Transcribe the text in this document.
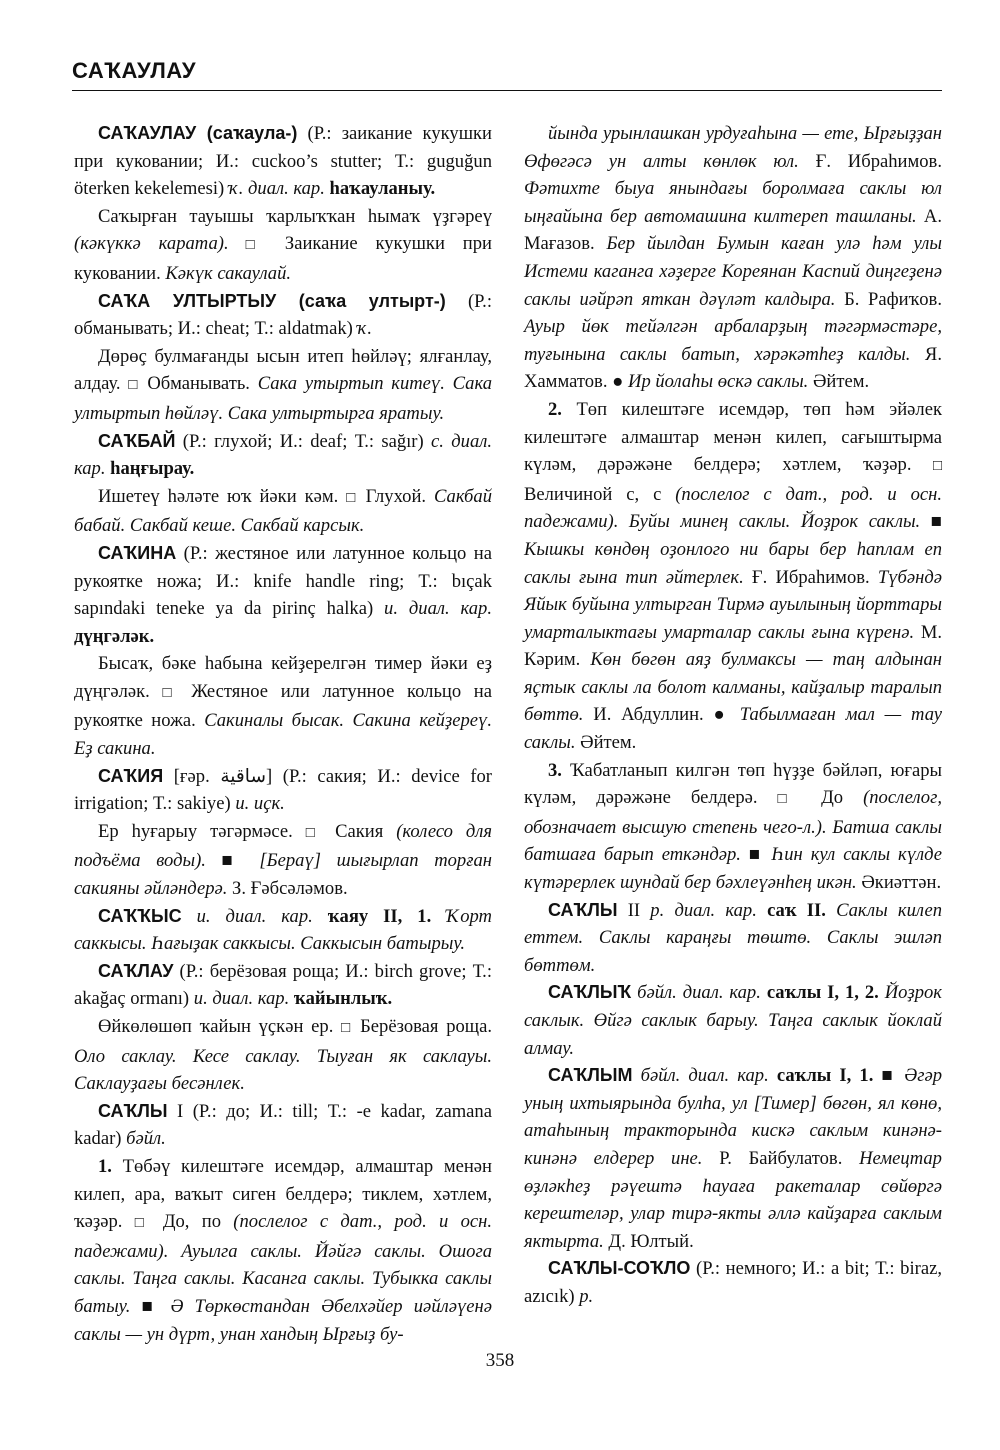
САҠАУЛАУ

САҠАУЛАУ (саҡаула-) (Р.: заикание кукушки при куковании; И.: cuckoo’s stutter; Т.: guguğun öterken kekelemesi) ҡ. диал. кар. һаҡауланыу.

Саҡырған тауышы ҡарлыҡҡан һымаҡ үҙгәреү (кәкүккә карата). □ Заикание кукушки при куковании. Кәкүк сакаулай.

САҠА УЛТЫРТЫУ (саҡа ултырт-) (Р.: обманывать; И.: cheat; Т.: aldatmak) ҡ.

Дөрөҫ булмағанды ысын итеп һөйләү; ялғанлау, алдау. □ Обманывать. Сака утыртып китеү. Сака ултыртып һөйләү. Сака ултыртырга яратыу.

САҠБАЙ (Р.: глухой; И.: deaf; Т.: sağır) с. диал. кар. һаңғырау.

Ишетеү һәләте юҡ йәки кәм. □ Глухой. Сакбай бабай. Сакбай кеше. Сакбай карсык.

САҠИНА (Р.: жестяное или латунное кольцо на рукоятке ножа; И.: knife handle ring; Т.: bıçak sapındaki teneke ya da pirinç halka) и. диал. кар. дүңгәләк.

Бысаҡ, бәке һабына кейҙерелгән тимер йәки еҙ дүңгәләк. □ Жестяное или латунное кольцо на рукоятке ножа. Сакиналы бысак. Сакина кейҙереү. Еҙ сакина.

САҠИЯ [ғәр. ساقية] (Р.: сакия; И.: device for irrigation; Т.: sakiye) и. иҫк.

Ер һуғарыу тәгәрмәсе. □ Сакия (колесо для подъёма воды). ■ [Бераү] шығырлап торған сакияны әйләндерә. З. Ғәбсәләмов.

САҠҠЫС и. диал. кар. ҡаяу II, 1. Ҡорт саккысы. Һағыҙак саккысы. Саккысын батырыу.

САҠЛАУ (Р.: берёзовая роща; И.: birch grove; Т.: akağaç ormanı) и. диал. кар. ҡайынлыҡ.

Өйкөлөшөп ҡайын үҫкән ер. □ Берёзовая роща. Оло саклау. Кесе саклау. Тыуған як саклауы. Саклауҙағы бесәнлек.

САҠЛЫ I (Р.: до; И.: till; Т.: -e kadar, zamana kadar) бәйл.

1. Төбәү килештәге исемдәр, алмаштар менән килеп, ара, ваҡыт сиген белдерә; тиклем, хәтлем, ҡәҙәр. □ До, по (послелог с дат., род. и осн. падежами). Ауылга саклы. Йәйгә саклы. Ошога саклы. Таңга саклы. Касанга саклы. Тубыкка саклы батыу. ■ Ә Төркөстандан Әбелхәйер иәйләүенә саклы — ун дүрт, унан хандың Ырғыҙ бу-

йында урынлашкан урдуғаһына — ете, Ырғыҙҙан Өфөгәсә ун алты көнлөк юл. Ғ. Ибраһимов. Фәтихте быуа янындағы боролмаға саклы юл ыңғайына бер автомашина килтереп ташланы. А. Мағазов. Бер йылдан Бумын каған улә һәм улы Истеми каганга хәҙерге Кореянан Каспий диңгеҙенә саклы иәйрәп яткан дәүләт калдыра. Б. Рафиҡов. Ауыр йөк тейәлгән арбаларҙың тәгәрмәстәре, туғынына саклы батып, хәрәкәтһеҙ калды. Я. Хамматов. ● Ир йолаһы өскә саклы. Әйтем.

2. Төп килештәге исемдәр, төп һәм эйәлек килештәге алмаштар менән килеп, сағыштырма күләм, дәрәжәне белдерә; хәтлем, ҡәҙәр. □ Величиной с, с (послелог с дат., род. и осн. падежами). Буйы минең саклы. Йоҙрок саклы. ■ Кышкы көндөң оҙонлого ни бары бер һаплам еп саклы ғына тип әйтерлек. Ғ. Ибраһимов. Түбәндә Яйык буйына ултырган Тирмә ауылының йорттары умарталыктағы умарталар саклы ғына күренә. М. Кәрим. Көн бөгөн аяҙ булмаксы — таң алдынан яҫтык саклы ла болот калманы, кайҙалыр таралып бөттө. И. Абдуллин. ● Табылмаған мал — тау саклы. Әйтем.

3. Ҡабатланып килгән төп һүҙҙе бәйләп, юғары күләм, дәрәжәне белдерә. □ До (послелог, обозначает высшую степень чего-л.). Батша саклы батшаға барып еткәндәр. ■ Һин кул саклы күлде күтәрерлек шундай бер бәхлеүәнһең икән. Әкиәттән.

САҠЛЫ II р. диал. кар. саҡ II. Саклы килеп еттем. Саклы караңғы төштө. Саклы эшләп бөттөм.

САҠЛЫҠ бәйл. диал. кар. саҡлы I, 1, 2. Йоҙрок саклык. Өйгә саклык барыу. Таңга саклык йоклай алмау.

САҠЛЫМ бәйл. диал. кар. саҡлы I, 1. ■ Әгәр уның ихтыярында булһа, ул [Тимер] бөгөн, ял көнө, атаһының тракторында кискә саклым кинәнә-кинәнә елдерер ине. Р. Байбулатов. Немецтар өҙләкһеҙ рәүештә һауаға ракеталар сөйөргә керештеләр, улар тирә-якты әллә кайҙарға саклым яктырта. Д. Юлтый.

САҠЛЫ-СОҠЛО (Р.: немного; И.: a bit; Т.: biraz, azıcık) р.

358
